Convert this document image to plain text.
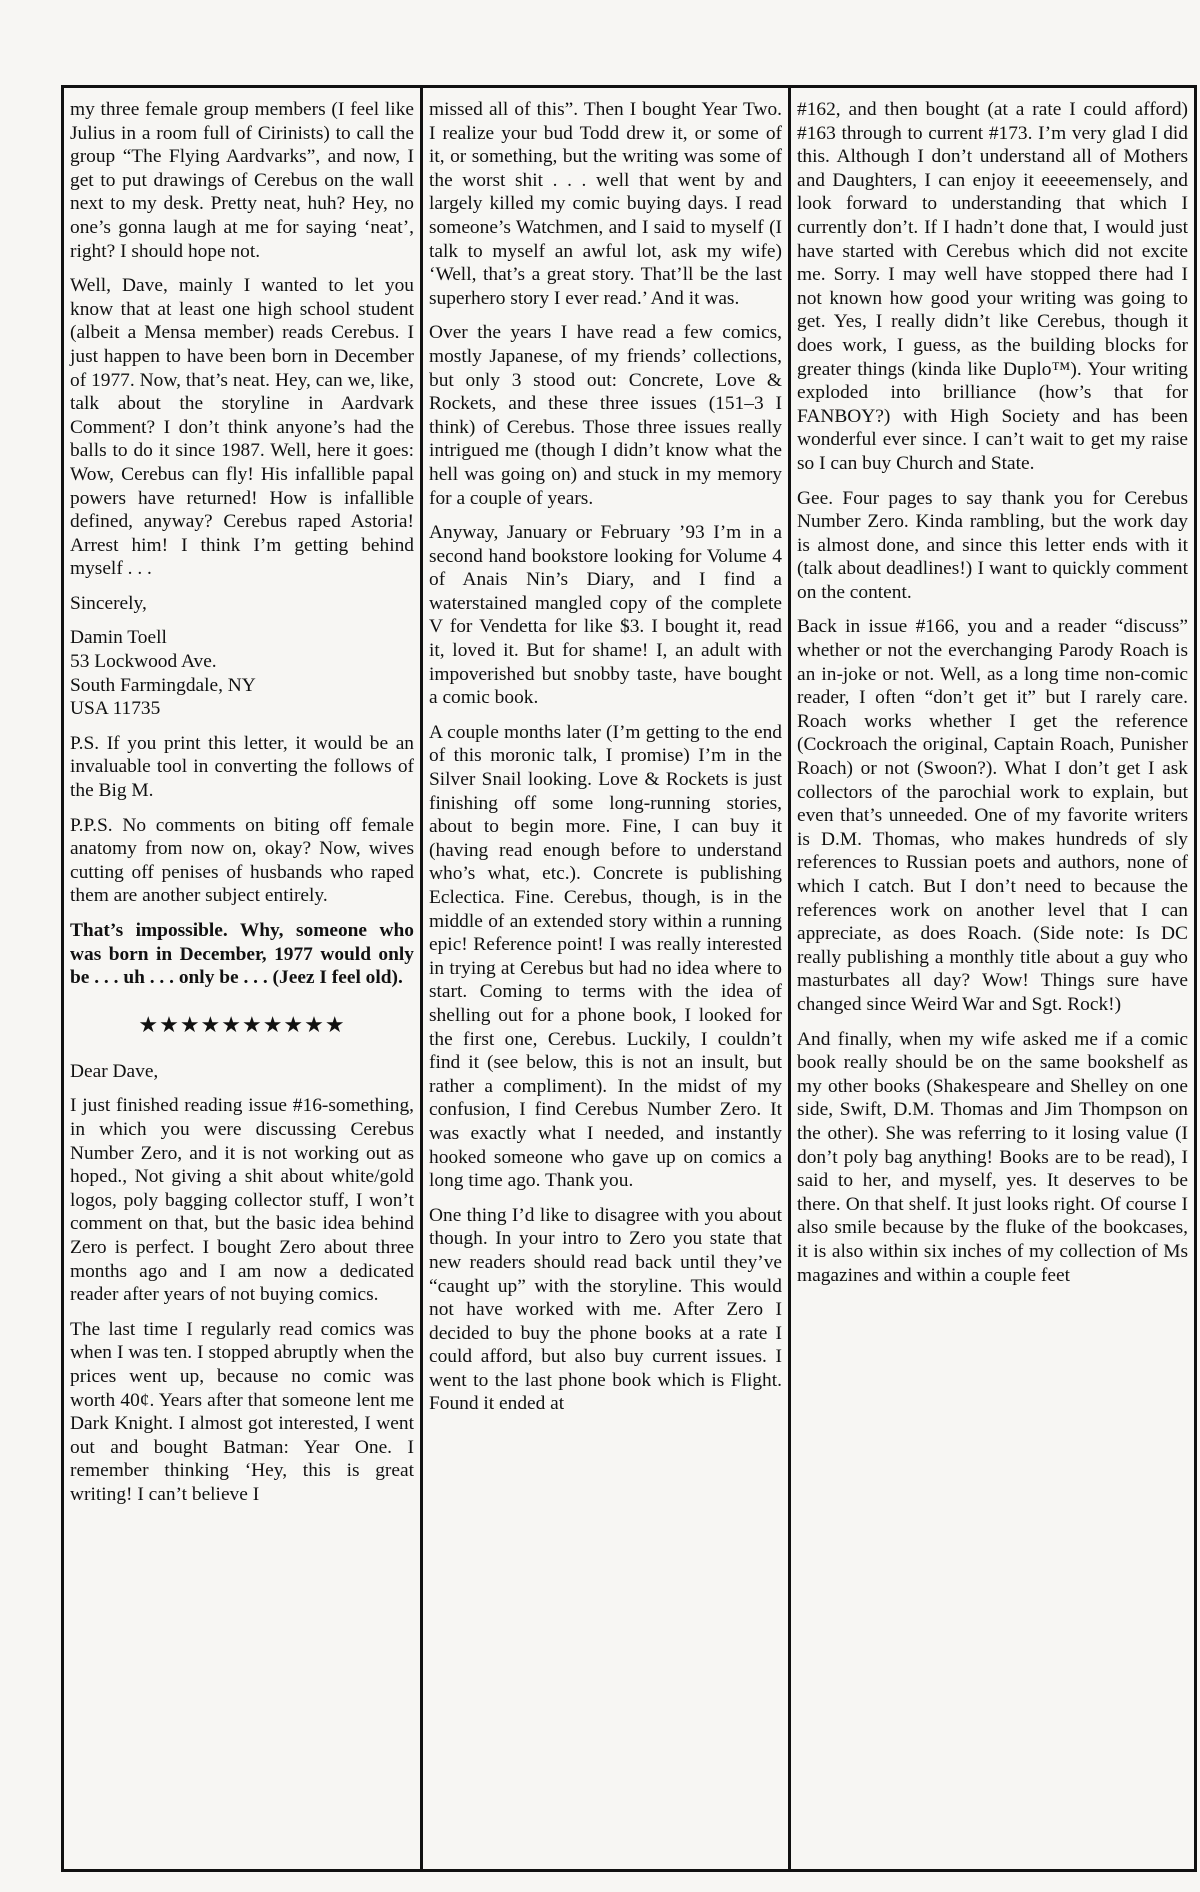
my three female group members (I feel like Julius in a room full of Cirinists) to call the group “The Flying Aardvarks”, and now, I get to put drawings of Cerebus on the wall next to my desk. Pretty neat, huh? Hey, no one’s gonna laugh at me for saying ‘neat’, right? I should hope not.

Well, Dave, mainly I wanted to let you know that at least one high school student (albeit a Mensa member) reads Cerebus. I just happen to have been born in December of 1977. Now, that’s neat. Hey, can we, like, talk about the storyline in Aardvark Comment? I don’t think anyone’s had the balls to do it since 1987. Well, here it goes: Wow, Cerebus can fly! His infallible papal powers have returned! How is infallible defined, anyway? Cerebus raped Astoria! Arrest him! I think I’m getting behind myself . . .

Sincerely,

Damin Toell

53 Lockwood Ave.

South Farmingdale, NY

USA 11735

P.S. If you print this letter, it would be an invaluable tool in converting the follows of the Big M.

P.P.S. No comments on biting off female anatomy from now on, okay? Now, wives cutting off penises of husbands who raped them are another subject entirely.

That’s impossible. Why, someone who was born in December, 1977 would only be . . . uh . . . only be . . . (Jeez I feel old).

★★★★★★★★★★

Dear Dave,

I just finished reading issue #16-something, in which you were discussing Cerebus Number Zero, and it is not working out as hoped., Not giving a shit about white/gold logos, poly bagging collector stuff, I won’t comment on that, but the basic idea behind Zero is perfect. I bought Zero about three months ago and I am now a dedicated reader after years of not buying comics.

The last time I regularly read comics was when I was ten. I stopped abruptly when the prices went up, because no comic was worth 40¢. Years after that someone lent me Dark Knight. I almost got interested, I went out and bought Batman: Year One. I remember thinking ‘Hey, this is great writing! I can’t believe I

missed all of this”. Then I bought Year Two. I realize your bud Todd drew it, or some of it, or something, but the writing was some of the worst shit . . . well that went by and largely killed my comic buying days. I read someone’s Watchmen, and I said to myself (I talk to myself an awful lot, ask my wife) ‘Well, that’s a great story. That’ll be the last superhero story I ever read.’ And it was.

Over the years I have read a few comics, mostly Japanese, of my friends’ collections, but only 3 stood out: Concrete, Love & Rockets, and these three issues (151–3 I think) of Cerebus. Those three issues really intrigued me (though I didn’t know what the hell was going on) and stuck in my memory for a couple of years.

Anyway, January or February ’93 I’m in a second hand bookstore looking for Volume 4 of Anais Nin’s Diary, and I find a waterstained mangled copy of the complete V for Vendetta for like $3. I bought it, read it, loved it. But for shame! I, an adult with impoverished but snobby taste, have bought a comic book.

A couple months later (I’m getting to the end of this moronic talk, I promise) I’m in the Silver Snail looking. Love & Rockets is just finishing off some long-running stories, about to begin more. Fine, I can buy it (having read enough before to understand who’s what, etc.). Concrete is publishing Eclectica. Fine. Cerebus, though, is in the middle of an extended story within a running epic! Reference point! I was really interested in trying at Cerebus but had no idea where to start. Coming to terms with the idea of shelling out for a phone book, I looked for the first one, Cerebus. Luckily, I couldn’t find it (see below, this is not an insult, but rather a compliment). In the midst of my confusion, I find Cerebus Number Zero. It was exactly what I needed, and instantly hooked someone who gave up on comics a long time ago. Thank you.

One thing I’d like to disagree with you about though. In your intro to Zero you state that new readers should read back until they’ve “caught up” with the storyline. This would not have worked with me. After Zero I decided to buy the phone books at a rate I could afford, but also buy current issues. I went to the last phone book which is Flight. Found it ended at

#162, and then bought (at a rate I could afford) #163 through to current #173. I’m very glad I did this. Although I don’t understand all of Mothers and Daughters, I can enjoy it eeeeemensely, and look forward to understanding that which I currently don’t. If I hadn’t done that, I would just have started with Cerebus which did not excite me. Sorry. I may well have stopped there had I not known how good your writing was going to get. Yes, I really didn’t like Cerebus, though it does work, I guess, as the building blocks for greater things (kinda like Duplo™). Your writing exploded into brilliance (how’s that for FANBOY?) with High Society and has been wonderful ever since. I can’t wait to get my raise so I can buy Church and State.

Gee. Four pages to say thank you for Cerebus Number Zero. Kinda rambling, but the work day is almost done, and since this letter ends with it (talk about deadlines!) I want to quickly comment on the content.

Back in issue #166, you and a reader “discuss” whether or not the everchanging Parody Roach is an in-joke or not. Well, as a long time non-comic reader, I often “don’t get it” but I rarely care. Roach works whether I get the reference (Cockroach the original, Captain Roach, Punisher Roach) or not (Swoon?). What I don’t get I ask collectors of the parochial work to explain, but even that’s unneeded. One of my favorite writers is D.M. Thomas, who makes hundreds of sly references to Russian poets and authors, none of which I catch. But I don’t need to because the references work on another level that I can appreciate, as does Roach. (Side note: Is DC really publishing a monthly title about a guy who masturbates all day? Wow! Things sure have changed since Weird War and Sgt. Rock!)

And finally, when my wife asked me if a comic book really should be on the same bookshelf as my other books (Shakespeare and Shelley on one side, Swift, D.M. Thomas and Jim Thompson on the other). She was referring to it losing value (I don’t poly bag anything! Books are to be read), I said to her, and myself, yes. It deserves to be there. On that shelf. It just looks right. Of course I also smile because by the fluke of the bookcases, it is also within six inches of my collection of Ms magazines and within a couple feet
